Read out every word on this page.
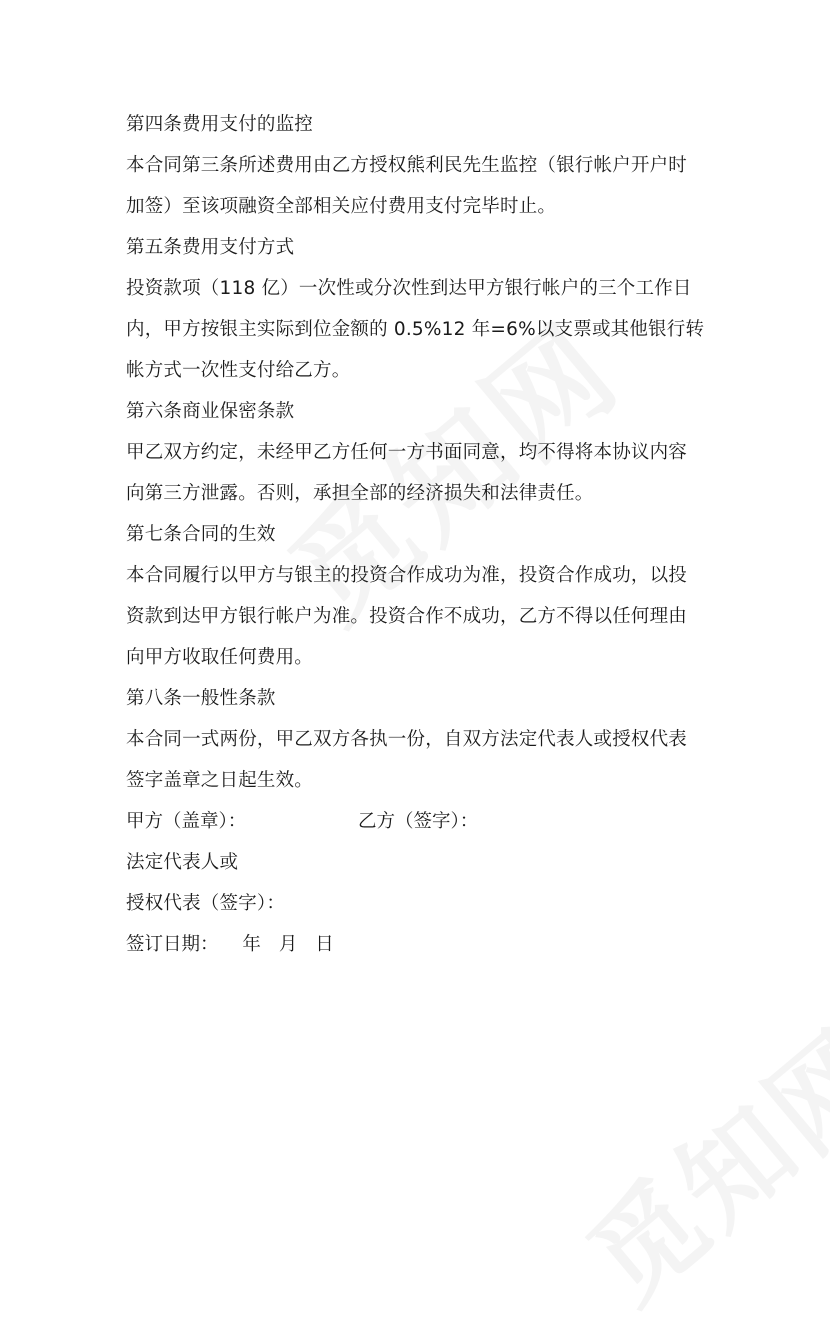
第四条费用支付的监控
本合同第三条所述费用由乙方授权熊利民先生监控（银行帐户开户时
加签）至该项融资全部相关应付费用支付完毕时止。
第五条费用支付方式
投资款项（118 亿）一次性或分次性到达甲方银行帐户的三个工作日
内，甲方按银主实际到位金额的 0.5%12 年=6%以支票或其他银行转
帐方式一次性支付给乙方。
第六条商业保密条款
甲乙双方约定，未经甲乙方任何一方书面同意，均不得将本协议内容
向第三方泄露。否则，承担全部的经济损失和法律责任。
第七条合同的生效
本合同履行以甲方与银主的投资合作成功为准，投资合作成功，以投
资款到达甲方银行帐户为准。投资合作不成功，乙方不得以任何理由
向甲方收取任何费用。
第八条一般性条款
本合同一式两份，甲乙双方各执一份，自双方法定代表人或授权代表
签字盖章之日起生效。
甲方（盖章）：	乙方（签字）：
法定代表人或
授权代表（签字）：
签订日期： 年 月 日
